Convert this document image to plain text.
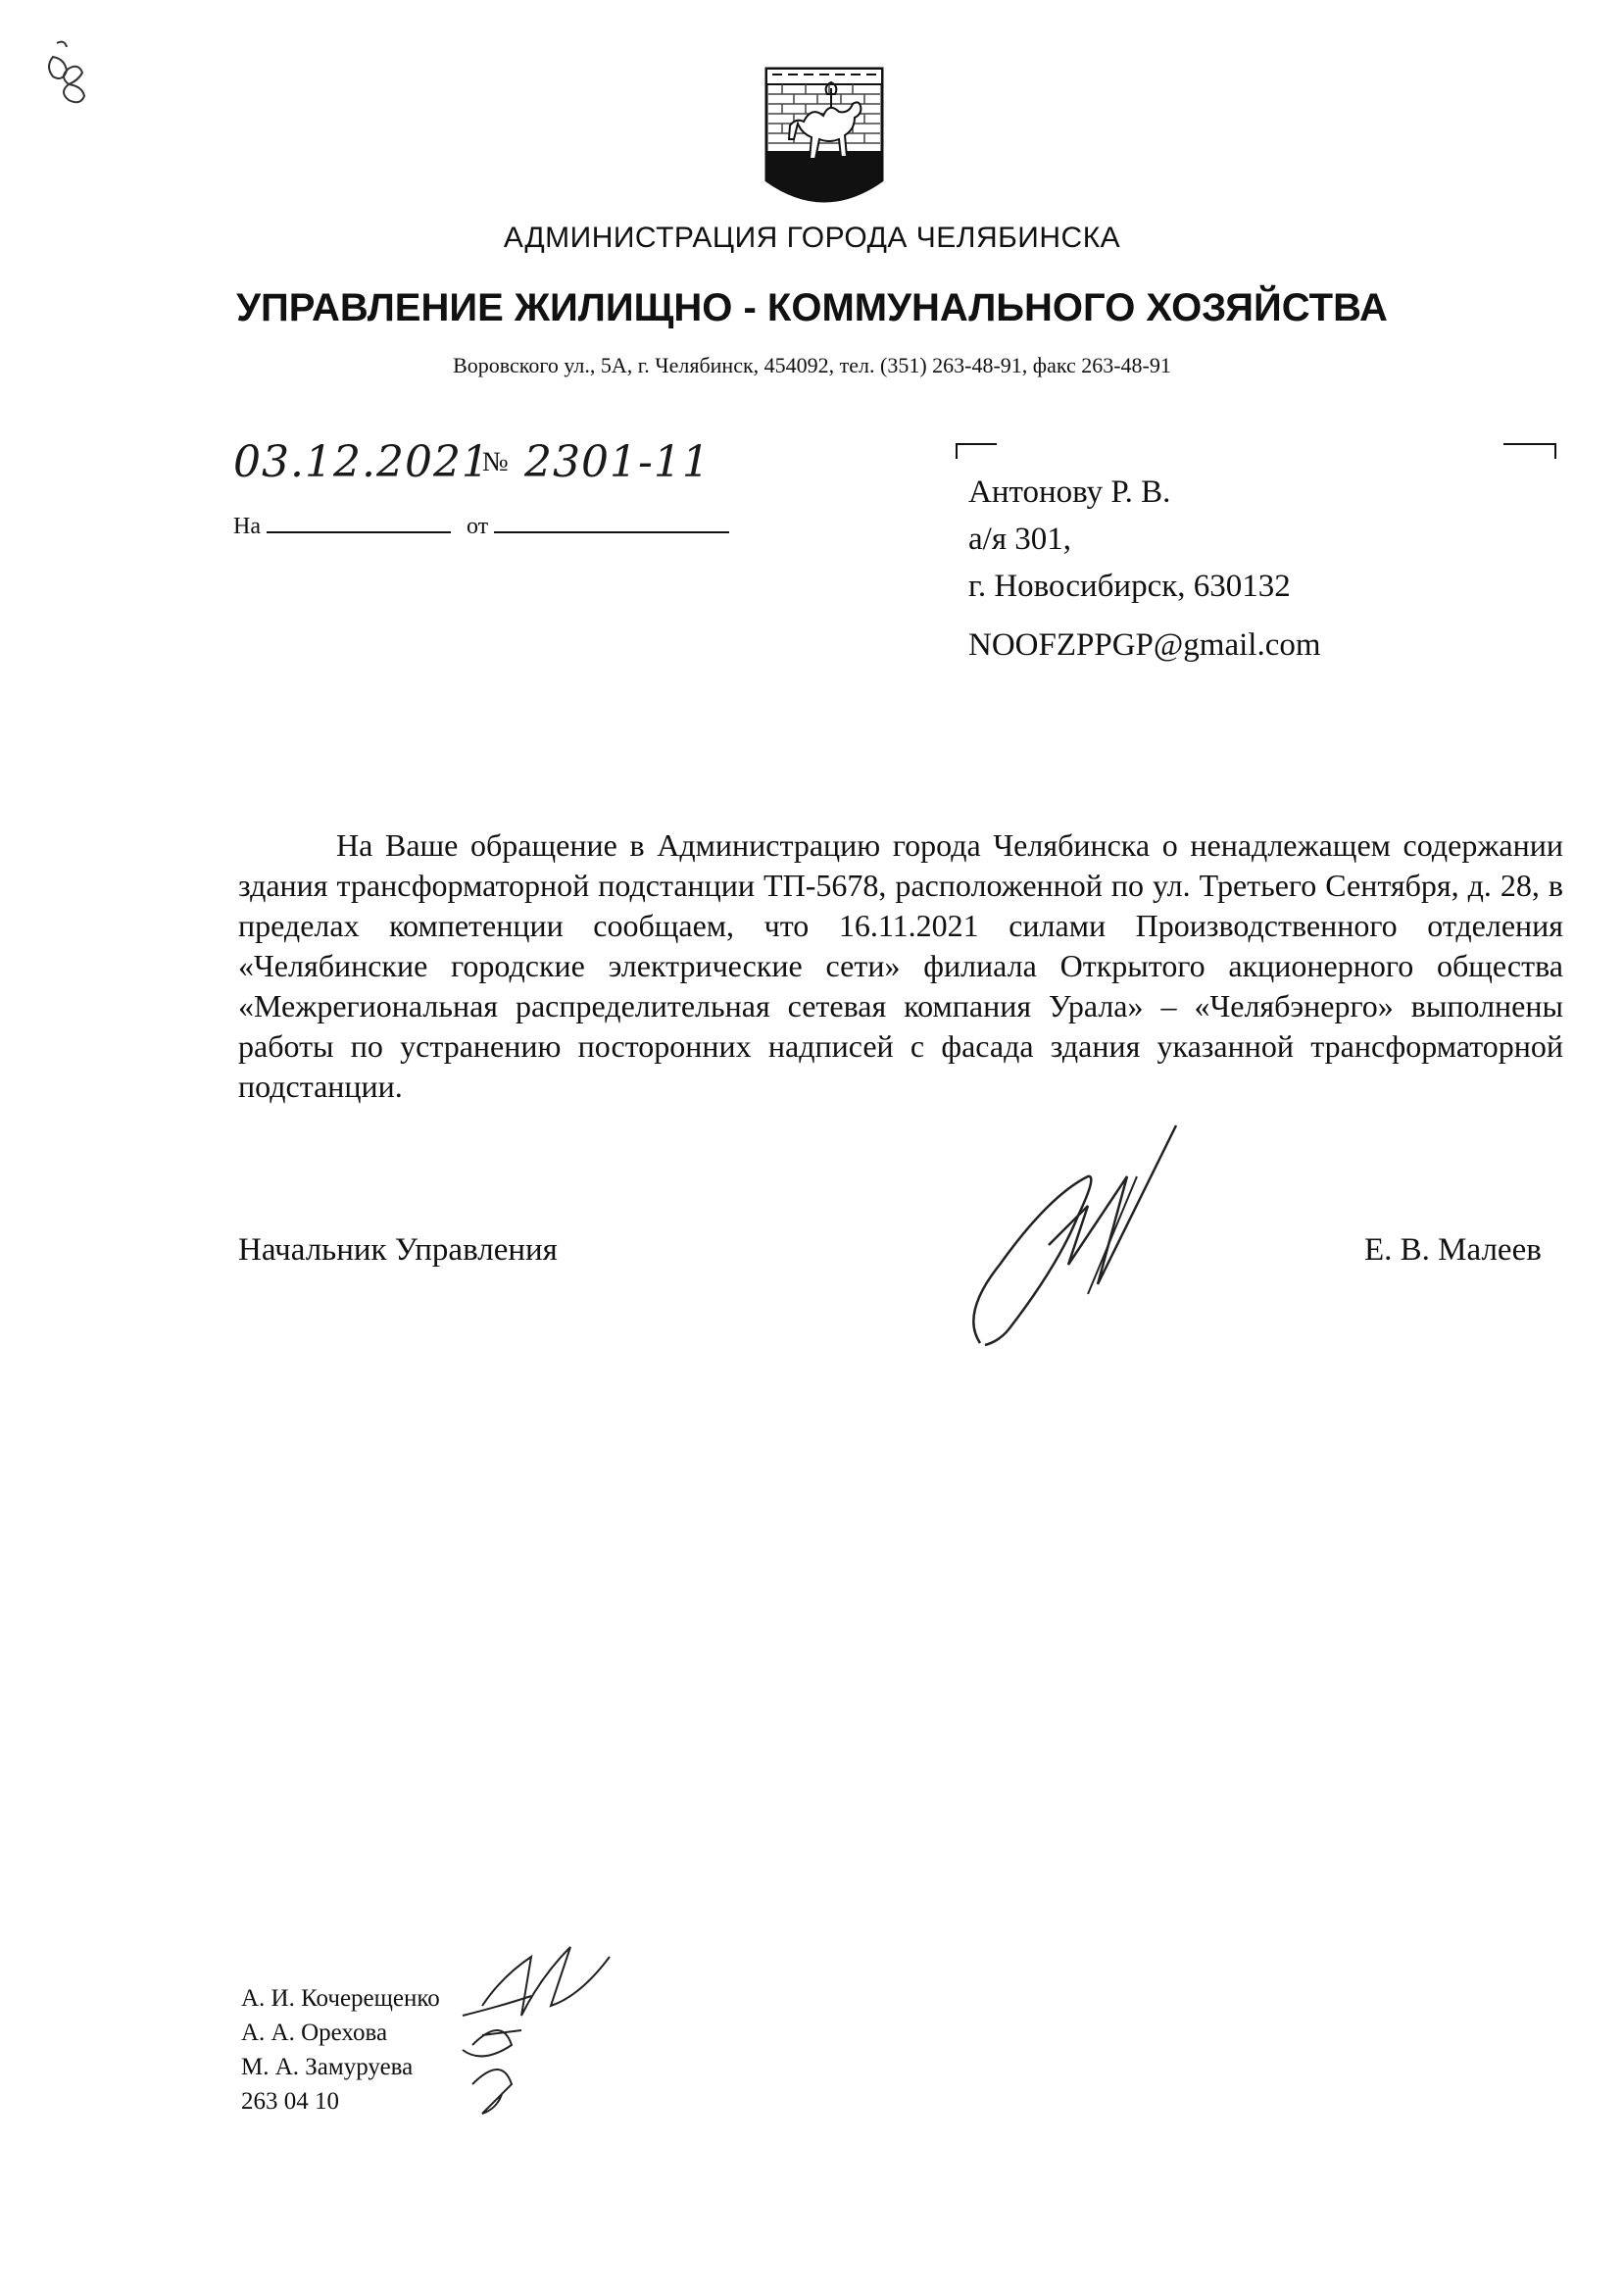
АДМИНИСТРАЦИЯ ГОРОДА ЧЕЛЯБИНСКА
УПРАВЛЕНИЕ ЖИЛИЩНО - КОММУНАЛЬНОГО ХОЗЯЙСТВА
Воровского ул., 5А, г. Челябинск, 454092, тел. (351) 263-48-91, факс 263-48-91
03.12.2021
№ 2301-11
На	от
Антонову Р. В.
а/я 301,
г. Новосибирск, 630132
NOOFZPPGP@gmail.com

На Ваше обращение в Администрацию города Челябинска о ненадлежащем содержании здания трансформаторной подстанции ТП-5678, расположенной по ул. Третьего Сентября, д. 28, в пределах компетенции сообщаем, что 16.11.2021 силами Производственного отделения «Челябинские городские электрические сети» филиала Открытого акционерного общества «Межрегиональная распределительная сетевая компания Урала» – «Челябэнерго» выполнены работы по устранению посторонних надписей с фасада здания указанной трансформаторной подстанции.

Начальник Управления	Е. В. Малеев
А. И. Кочерещенко
А. А. Орехова
М. А. Замуруева
263 04 10
